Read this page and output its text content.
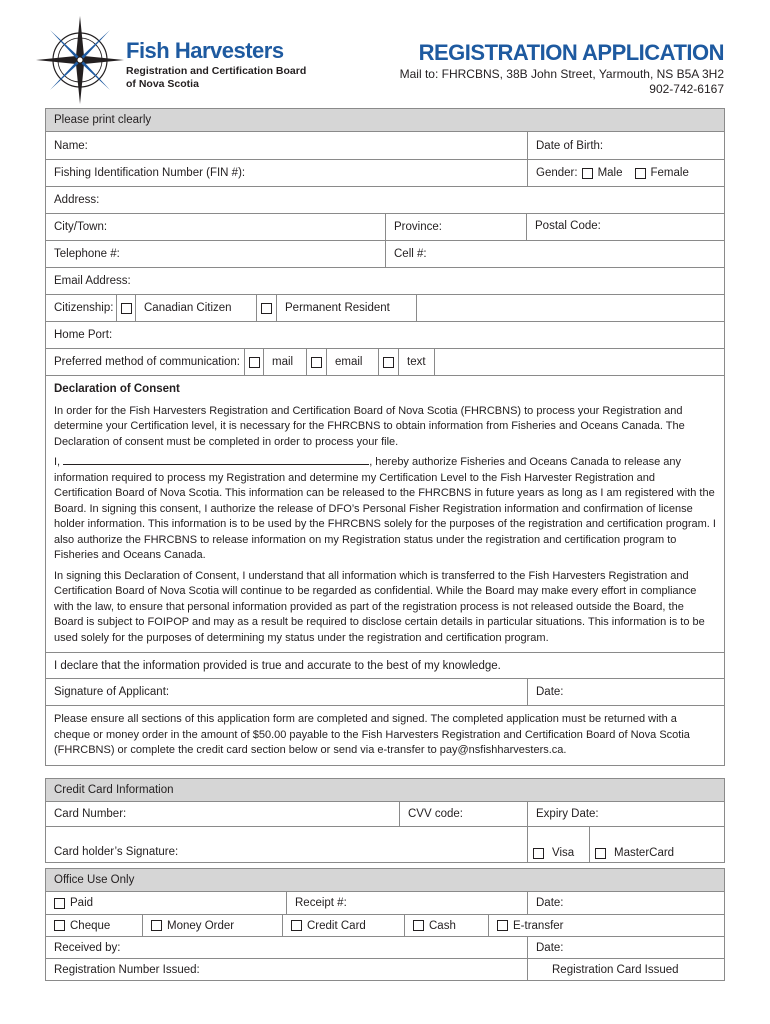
Fish Harvesters
Registration and Certification Board
of Nova Scotia
REGISTRATION APPLICATION
Mail to: FHRCBNS, 38B John Street, Yarmouth, NS B5A 3H2
902-742-6167
Please print clearly
Name:	Date of Birth:
Fishing Identification Number (FIN #):	Gender:	Male Female
Address:
City/Town:	Province:	Postal Code:
Telephone #:	Cell #:
Email Address:
Citizenship:	Canadian Citizen	Permanent Resident
Home Port:
Preferred method of communication:	mail	email	text
Declaration of Consent

In order for the Fish Harvesters Registration and Certification Board of Nova Scotia (FHRCBNS) to process your Registration and determine your Certification level, it is necessary for the FHRCBNS to obtain information from Fisheries and Oceans Canada. The Declaration of consent must be completed in order to process your file.

I,	, hereby authorize Fisheries and Oceans Canada to release any information required to process my Registration and determine my Certification Level to the Fish Harvester Registration and Certification Board of Nova Scotia. This information can be released to the FHRCBNS in future years as long as I am registered with the Board. In signing this consent, I authorize the release of DFO’s Personal Fisher Registration information and confirmation of license holder information. This information is to be used by the FHRCBNS solely for the purposes of the registration and certification program. I also authorize the FHRCBNS to release information on my Registration status under the registration and certification program to Fisheries and Oceans Canada.

In signing this Declaration of Consent, I understand that all information which is transferred to the Fish Harvesters Registration and Certification Board of Nova Scotia will continue to be regarded as confidential. While the Board may make every effort in compliance with the law, to ensure that personal information provided as part of the registration process is not released outside the Board, the Board is subject to FOIPOP and may as a result be required to disclose certain details in particular situations. This information is to be used solely for the purposes of determining my status under the registration and certification program.

I declare that the information provided is true and accurate to the best of my knowledge.
Signature of Applicant:	Date:
Please ensure all sections of this application form are completed and signed. The completed application must be returned with a cheque or money order in the amount of $50.00 payable to the Fish Harvesters Registration and Certification Board of Nova Scotia (FHRCBNS) or complete the credit card section below or send via e-transfer to pay@nsfishharvesters.ca.
Credit Card Information
Card Number:	CVV code:	Expiry Date:
Card holder’s Signature:	Visa	MasterCard
Office Use Only
Paid	Receipt #:	Date:
Cheque	Money Order	Credit Card	Cash	E-transfer
Received by:	Date:
Registration Number Issued:	Registration Card Issued
